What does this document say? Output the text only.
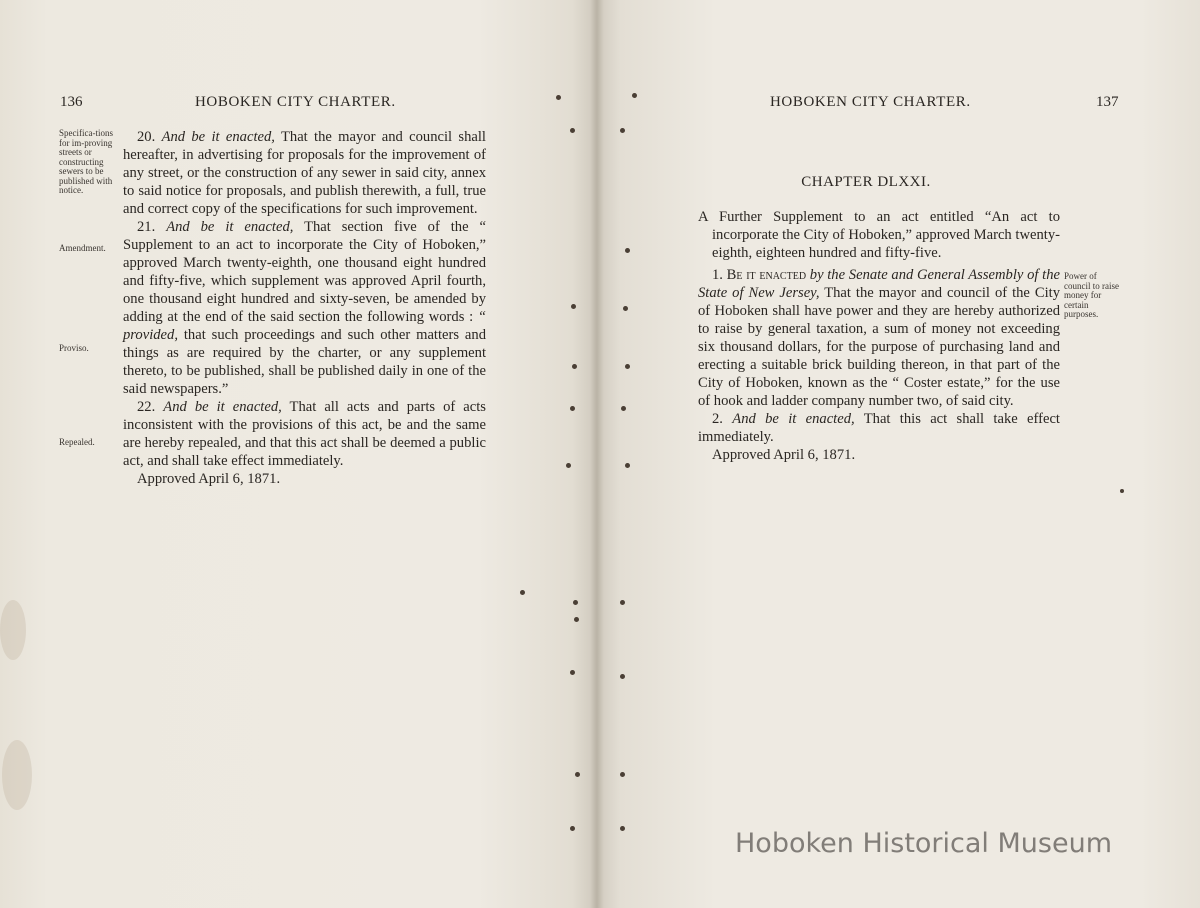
136	HOBOKEN CITY CHARTER.
Specifica-tions for im-proving streets or constructing sewers to be published with notice.
Amendment.
Proviso.
Repealed.

20. And be it enacted, That the mayor and council shall hereafter, in advertising for proposals for the improvement of any street, or the construction of any sewer in said city, annex to said notice for proposals, and publish therewith, a full, true and correct copy of the specifications for such improvement.

21. And be it enacted, That section five of the “ Supplement to an act to incorporate the City of Hoboken,” approved March twenty-eighth, one thousand eight hundred and fifty-five, which supplement was approved April fourth, one thousand eight hundred and sixty-seven, be amended by adding at the end of the said section the following words : “ provided, that such proceedings and such other matters and things as are required by the charter, or any supplement thereto, to be published, shall be published daily in one of the said newspapers.”

22. And be it enacted, That all acts and parts of acts inconsistent with the provisions of this act, be and the same are hereby repealed, and that this act shall be deemed a public act, and shall take effect immediately.

Approved April 6, 1871.

HOBOKEN CITY CHARTER.	137
CHAPTER DLXXI.

A Further Supplement to an act entitled “An act to incorporate the City of Hoboken,” approved March twenty-eighth, eighteen hundred and fifty-five.

Power of council to raise money for certain purposes.

1. Be it enacted by the Senate and General Assembly of the State of New Jersey, That the mayor and council of the City of Hoboken shall have power and they are hereby authorized to raise by general taxation, a sum of money not exceeding six thousand dollars, for the purpose of purchasing land and erecting a suitable brick building thereon, in that part of the City of Hoboken, known as the “ Coster estate,” for the use of hook and ladder company number two, of said city.

2. And be it enacted, That this act shall take effect immediately.

Approved April 6, 1871.

Hoboken Historical Museum
